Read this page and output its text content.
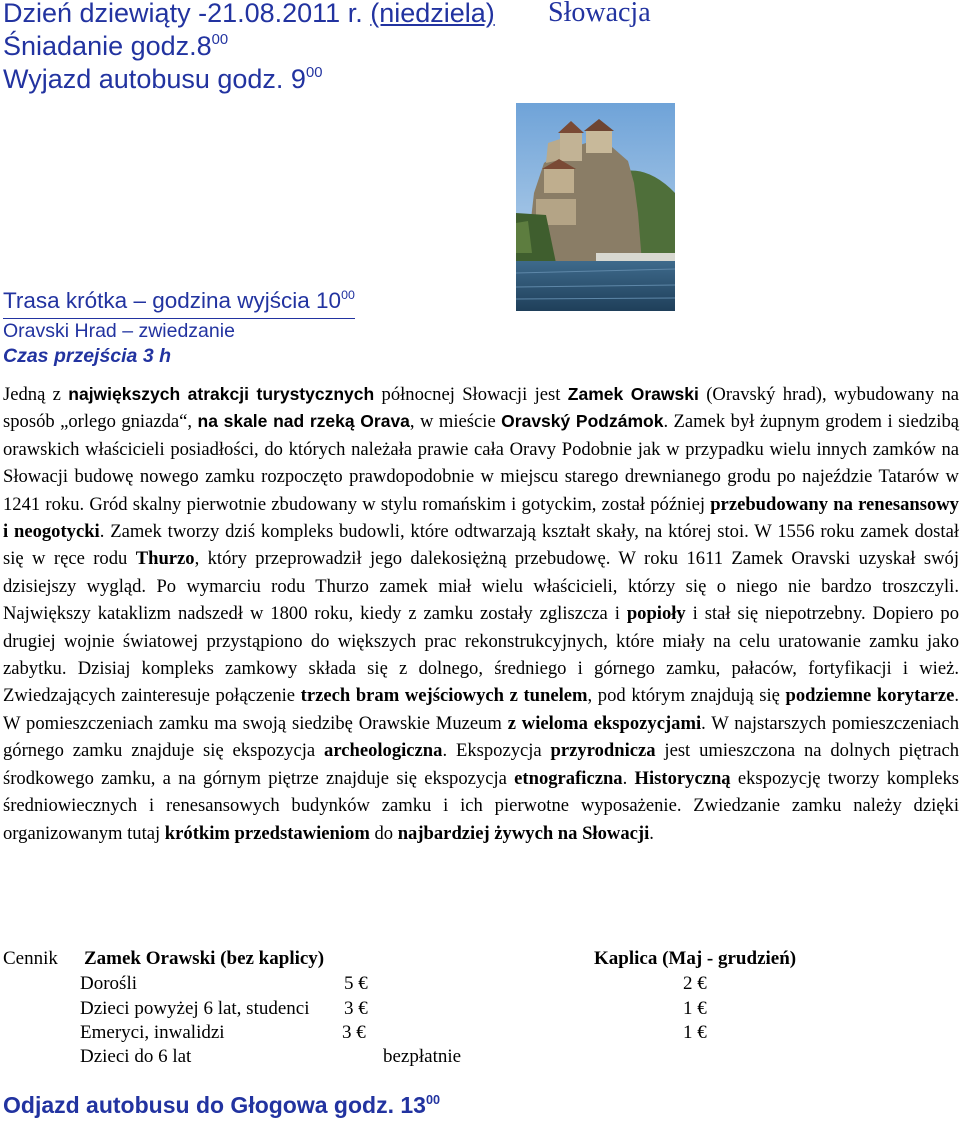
Dzień dziewiąty -21.08.2011 r. (niedziela) Słowacja
Śniadanie $godz.8^{00}$
Wyjazd autobusu godz. $9^{00}$
Trasa krótka – godzina wyjścia $10^{00}$
Oravski Hrad – zwiedzanie
Czas przejścia 3 h
Jedną z największych atrakcji turystycznych północnej Słowacji jest Zamek Orawski (Oravský hrad), wybudowany na sposób „orlego gniazda“, na skale nad rzeką Orava, w mieście Oravský Podzámok. Zamek był żupnym grodem i siedzibą orawskich właścicieli posiadłości, do których należała prawie cała Oravy Podobnie jak w przypadku wielu innych zamków na Słowacji budowę nowego zamku rozpoczęto prawdopodobnie w miejscu starego drewnianego grodu po najeździe Tatarów w 1241 roku. Gród skalny pierwotnie zbudowany w stylu romańskim i gotyckim, został później przebudowany na renesansowy i neogotycki. Zamek tworzy dziś kompleks budowli, które odtwarzają kształt skały, na której stoi. W 1556 roku zamek dostał się w ręce rodu Thurzo, który przeprowadził jego dalekosiężną przebudowę. W roku 1611 Zamek Oravski uzyskał swój dzisiejszy wygląd. Po wymarciu rodu Thurzo zamek miał wielu właścicieli, którzy się o niego nie bardzo troszczyli. Największy kataklizm nadszedł w 1800 roku, kiedy z zamku zostały zgliszcza i popioły i stał się niepotrzebny. Dopiero po drugiej wojnie światowej przystąpiono do większych prac rekonstrukcyjnych, które miały na celu uratowanie zamku jako zabytku. Dzisiaj kompleks zamkowy składa się z dolnego, średniego i górnego zamku, pałaców, fortyfikacji i wież. Zwiedzających zainteresuje połączenie trzech bram wejściowych z tunelem, pod którym znajdują się podziemne korytarze. W pomieszczeniach zamku ma swoją siedzibę Orawskie Muzeum z wieloma ekspozycjami. W najstarszych pomieszczeniach górnego zamku znajduje się ekspozycja archeologiczna. Ekspozycja przyrodnicza jest umieszczona na dolnych piętrach środkowego zamku, a na górnym piętrze znajduje się ekspozycja etnograficzna. Historyczną ekspozycję tworzy kompleks średniowiecznych i renesansowych budynków zamku i ich pierwotne wyposażenie. Zwiedzanie zamku należy dzięki organizowanym tutaj krótkim przedstawieniom do najbardziej żywych na Słowacji.
Cennik Zamek Orawski (bez kaplicy)	Kaplica (Maj - grudzień)
Dorośli	5 €	2 €
Dzieci powyżej 6 lat, studenci 3 €	1 €
Emeryci, inwalidzi	3 €	1 €
Dzieci do 6 lat	bezpłatnie
Odjazd autobusu do Głogowa godz. $13^{00}$
